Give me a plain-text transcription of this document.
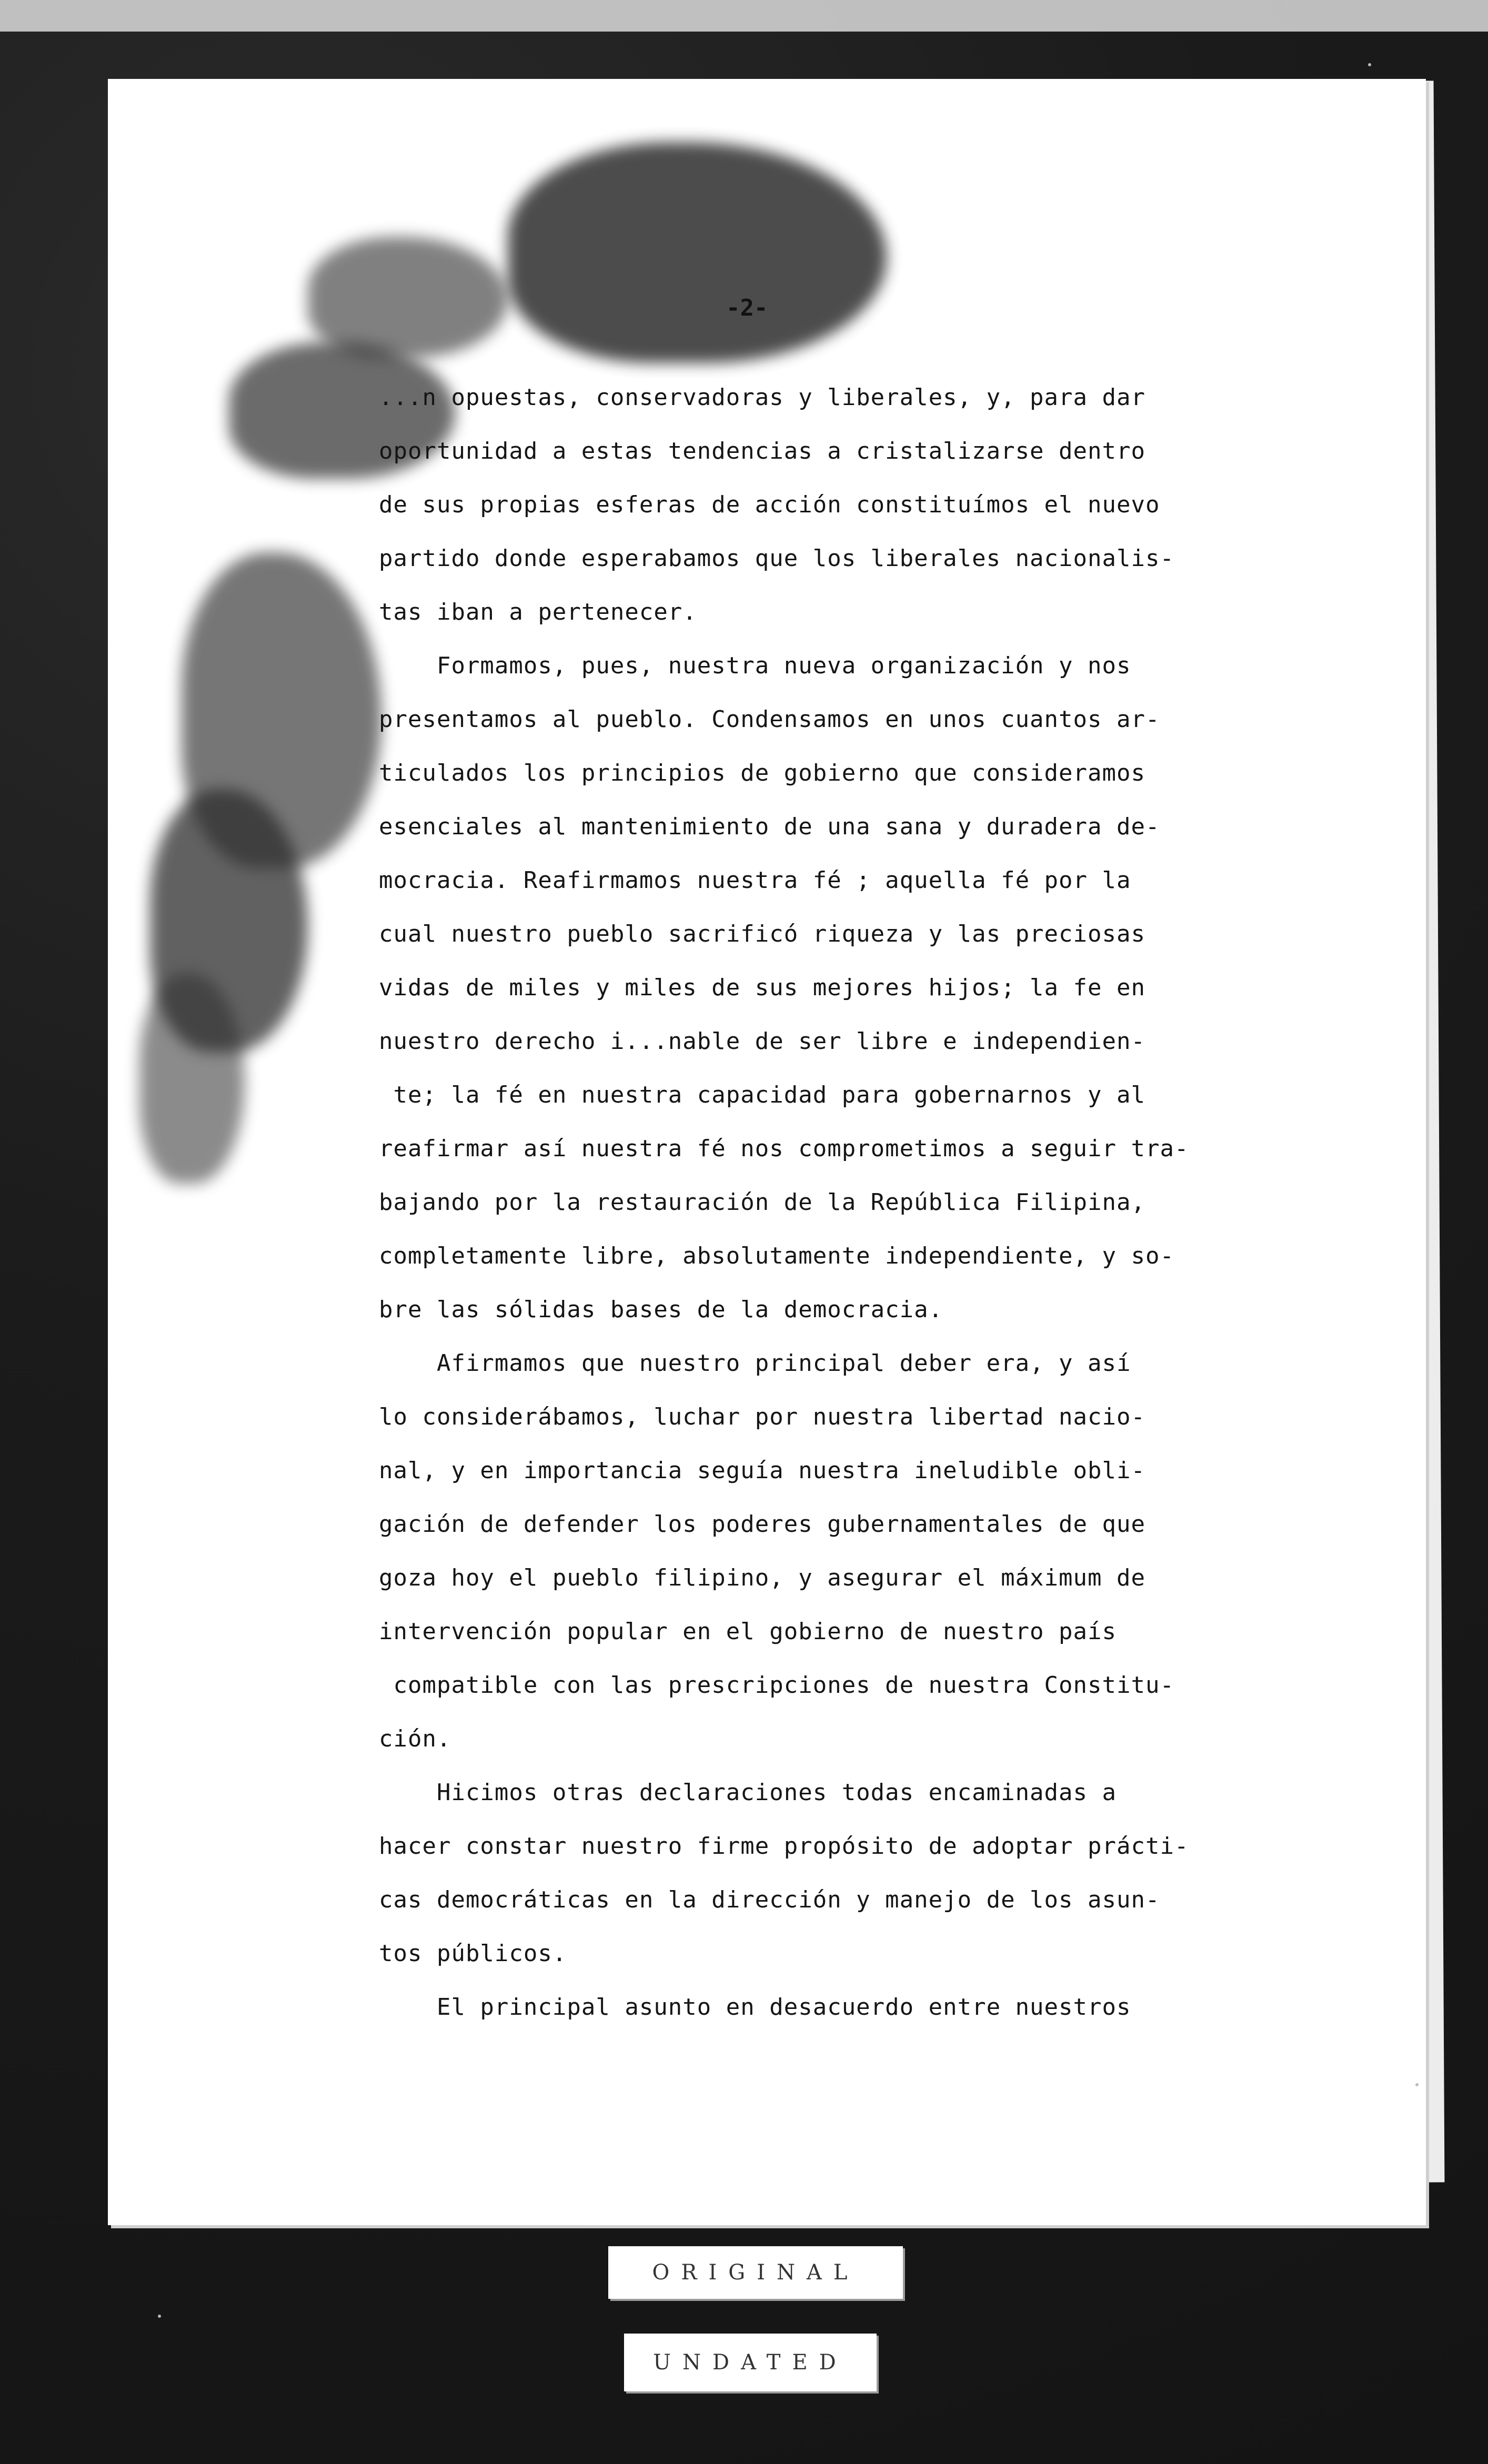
-2-
...n opuestas, conservadoras y liberales, y, para dar
oportunidad a estas tendencias a cristalizarse dentro
de sus propias esferas de acción constituímos el nuevo
partido donde esperabamos que los liberales nacionalis-
tas iban a pertenecer.
Formamos, pues, nuestra nueva organización y nos
presentamos al pueblo. Condensamos en unos cuantos ar-
ticulados los principios de gobierno que consideramos
esenciales al mantenimiento de una sana y duradera de-
mocracia. Reafirmamos nuestra fé ; aquella fé por la
cual nuestro pueblo sacrificó riqueza y las preciosas
vidas de miles y miles de sus mejores hijos; la fe en
nuestro derecho i...nable de ser libre e independien-
te; la fé en nuestra capacidad para gobernarnos y al
reafirmar así nuestra fé nos comprometimos a seguir tra-
bajando por la restauración de la República Filipina,
completamente libre, absolutamente independiente, y so-
bre las sólidas bases de la democracia.
Afirmamos que nuestro principal deber era, y así
lo considerábamos, luchar por nuestra libertad nacio-
nal, y en importancia seguía nuestra ineludible obli-
gación de defender los poderes gubernamentales de que
goza hoy el pueblo filipino, y asegurar el máximum de
intervención popular en el gobierno de nuestro país
compatible con las prescripciones de nuestra Constitu-
ción.
Hicimos otras declaraciones todas encaminadas a
hacer constar nuestro firme propósito de adoptar prácti-
cas democráticas en la dirección y manejo de los asun-
tos públicos.
El principal asunto en desacuerdo entre nuestros
ORIGINAL
UNDATED
